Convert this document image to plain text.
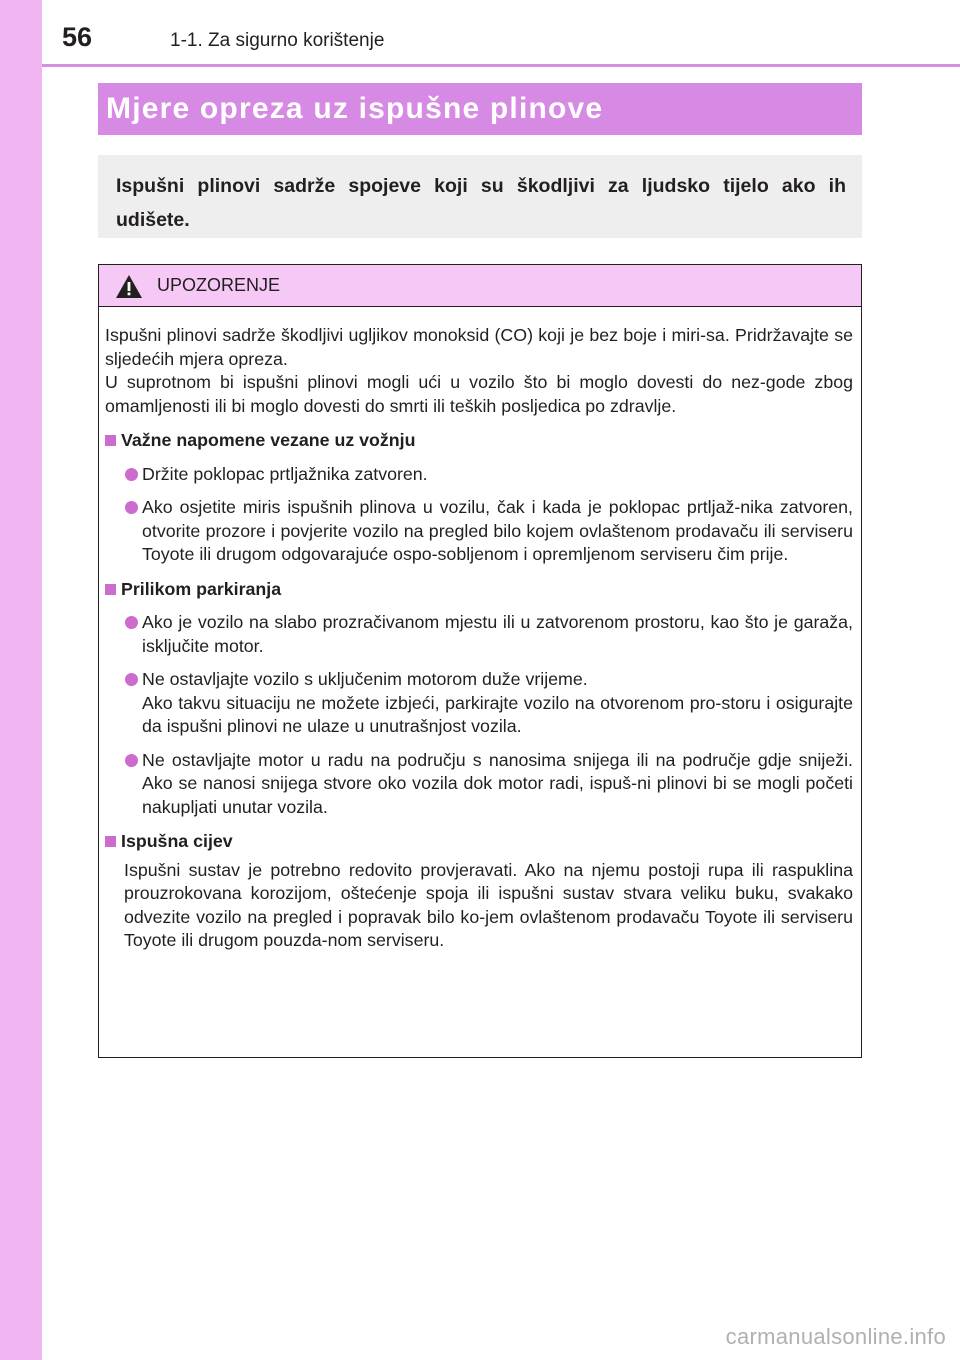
56	1-1. Za sigurno korištenje
Mjere opreza uz ispušne plinove

Ispušni plinovi sadrže spojeve koji su škodljivi za ljudsko tijelo ako ih udišete.

UPOZORENJE

Ispušni plinovi sadrže škodljivi ugljikov monoksid (CO) koji je bez boje i miri-sa. Pridržavajte se sljedećih mjera opreza.

U suprotnom bi ispušni plinovi mogli ući u vozilo što bi moglo dovesti do nez-gode zbog omamljenosti ili bi moglo dovesti do smrti ili teških posljedica po zdravlje.

Važne napomene vezane uz vožnju

Držite poklopac prtljažnika zatvoren.

Ako osjetite miris ispušnih plinova u vozilu, čak i kada je poklopac prtljaž-nika zatvoren, otvorite prozore i povjerite vozilo na pregled bilo kojem ovlaštenom prodavaču ili serviseru Toyote ili drugom odgovarajuće ospo-sobljenom i opremljenom serviseru čim prije.

Prilikom parkiranja

Ako je vozilo na slabo prozračivanom mjestu ili u zatvorenom prostoru, kao što je garaža, isključite motor.

Ne ostavljajte vozilo s uključenim motorom duže vrijeme.

Ako takvu situaciju ne možete izbjeći, parkirajte vozilo na otvorenom pro-storu i osigurajte da ispušni plinovi ne ulaze u unutrašnjost vozila.

Ne ostavljajte motor u radu na području s nanosima snijega ili na područje gdje sniježi. Ako se nanosi snijega stvore oko vozila dok motor radi, ispuš-ni plinovi bi se mogli početi nakupljati unutar vozila.

Ispušna cijev

Ispušni sustav je potrebno redovito provjeravati. Ako na njemu postoji rupa ili raspuklina prouzrokovana korozijom, oštećenje spoja ili ispušni sustav stvara veliku buku, svakako odvezite vozilo na pregled i popravak bilo ko-jem ovlaštenom prodavaču Toyote ili serviseru Toyote ili drugom pouzda-nom serviseru.

carmanualsonline.info
